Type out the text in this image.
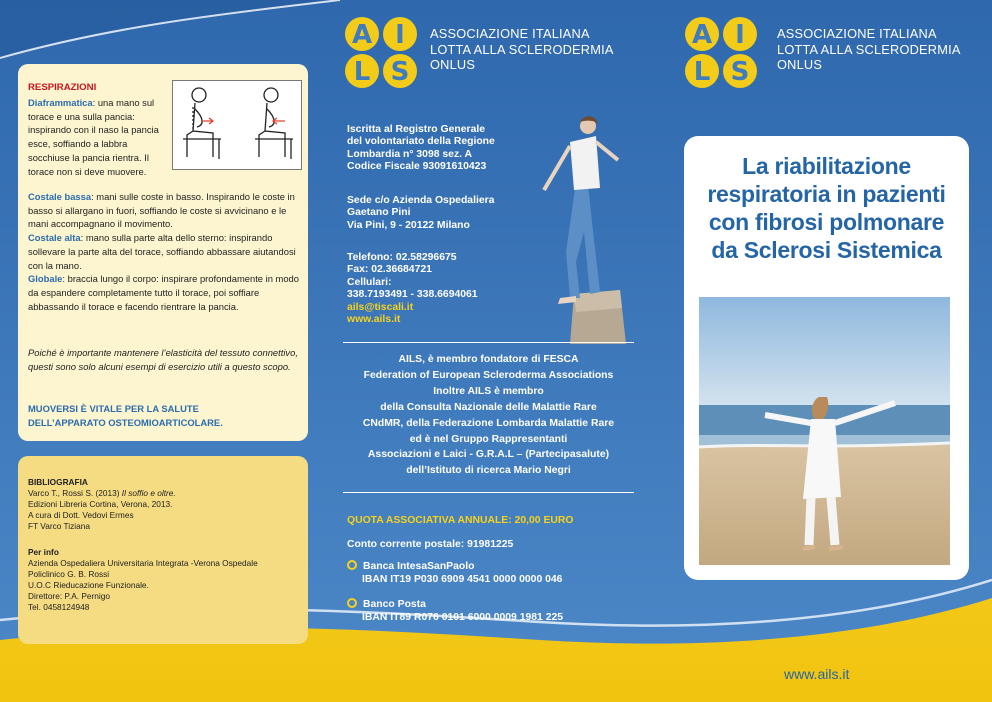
RESPIRAZIONI
Diaframmatica: una mano sul torace e una sulla pancia: inspirando con il naso la pancia esce, soffiando a labbra socchiuse la pancia rientra. Il torace non si deve muovere.
Costale bassa: mani sulle coste in basso. Inspirando le coste in basso si allargano in fuori, soffiando le coste si avvicinano e le mani accompagnano il movimento.
Costale alta: mano sulla parte alta dello sterno: inspirando sollevare la parte alta del torace, soffiando abbassare aiutandosi con la mano.
Globale: braccia lungo il corpo: inspirare profondamente in modo da espandere completamente tutto il torace, poi soffiare abbassando il torace e facendo rientrare la pancia.
Poiché è importante mantenere l’elasticità del tessuto connettivo, questi sono solo alcuni esempi di esercizio utili a questo scopo.
MUOVERSI È VITALE PER LA SALUTE
DELL’APPARATO OSTEOMIOARTICOLARE.
BIBLIOGRAFIA
Varco T., Rossi S. (2013) Il soffio e oltre.
Edizioni Libreria Cortina, Verona, 2013.
A cura di Dott. Vedovi Ermes
FT Varco Tiziana
Per info
Azienda Ospedaliera Universitaria Integrata -Verona Ospedale
Policlinico G. B. Rossi
U.O.C Rieducazione Funzionale.
Direttore: P.A. Pernigo
Tel. 0458124948
A I
L S
ASSOCIAZIONE ITALIANA
LOTTA ALLA SCLERODERMIA
ONLUS
A I
L S
ASSOCIAZIONE ITALIANA
LOTTA ALLA SCLERODERMIA
ONLUS
Iscritta al Registro Generale
del volontariato della Regione
Lombardia n° 3098 sez. A
Codice Fiscale 93091610423
Sede c/o Azienda Ospedaliera
Gaetano Pini
Via Pini, 9 - 20122 Milano
Telefono: 02.58296675
Fax: 02.36684721
Cellulari:
338.7193491 - 338.6694061
ails@tiscali.it
www.ails.it
AILS, è membro fondatore di FESCA
Federation of European Scleroderma Associations
Inoltre AILS è membro
della Consulta Nazionale delle Malattie Rare
CNdMR, della Federazione Lombarda Malattie Rare
ed è nel Gruppo Rappresentanti
Associazioni e Laici - G.R.A.L – (Partecipasalute)
dell’Istituto di ricerca Mario Negri
QUOTA ASSOCIATIVA ANNUALE: 20,00 EURO
Conto corrente postale: 91981225
Banca IntesaSanPaolo
IBAN IT19 P030 6909 4541 0000 0000 046
Banco Posta
IBAN IT89 R076 0101 6000 0009 1981 225
La riabilitazione
respiratoria in pazienti
con fibrosi polmonare
da Sclerosi Sistemica
www.ails.it
